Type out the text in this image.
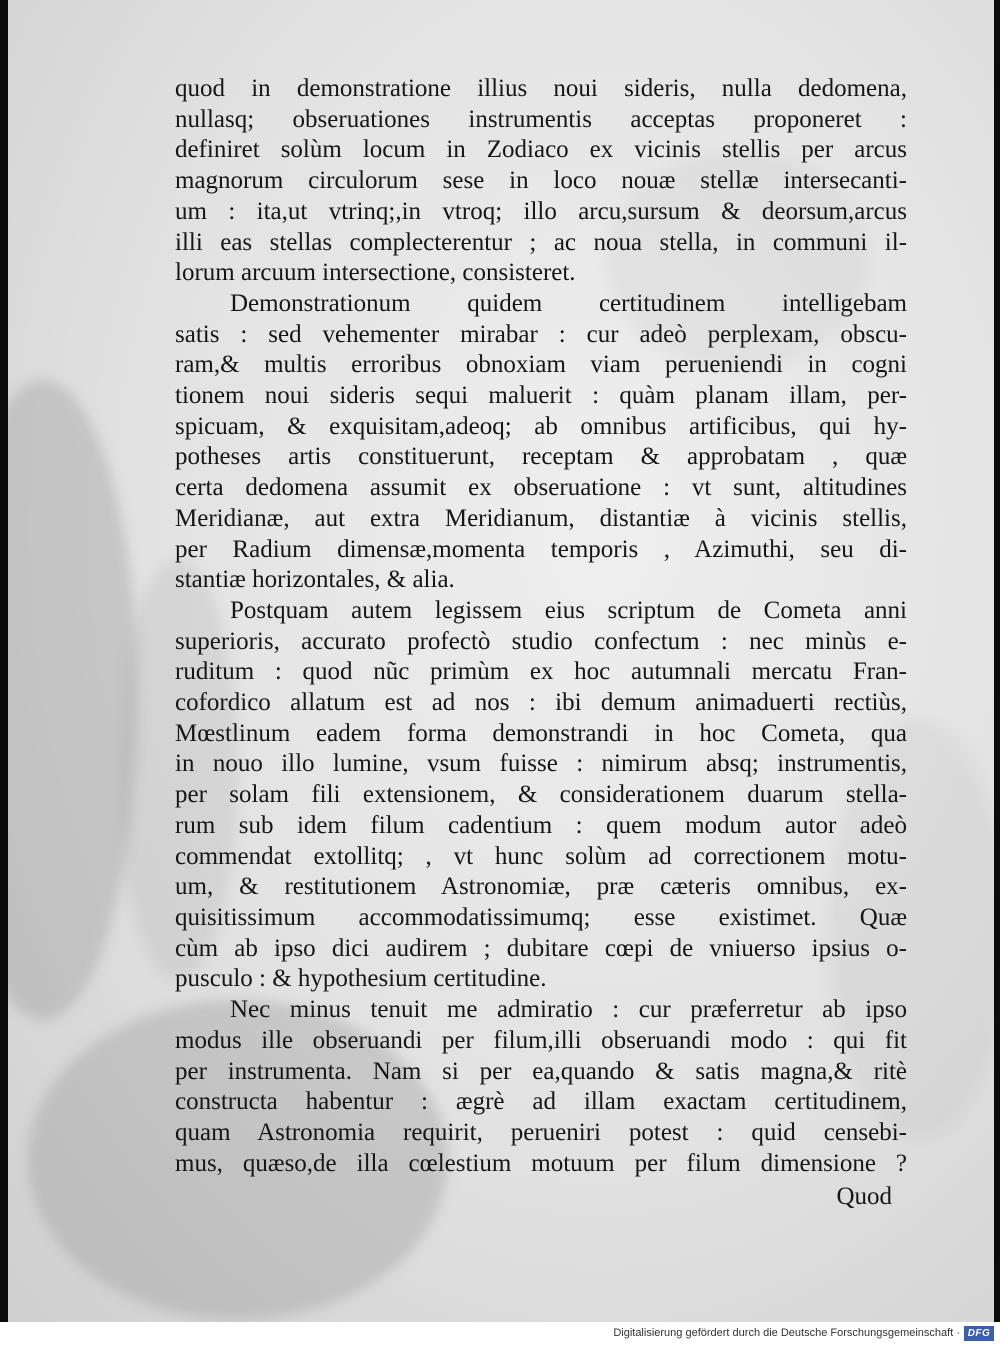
quod in demonstratione illius noui sideris, nulla dedomena,
nullasq; obseruationes instrumentis acceptas proponeret :
definiret solùm locum in Zodiaco ex vicinis stellis per arcus
magnorum circulorum sese in loco nouæ stellæ intersecanti-
um : ita,ut vtrinq;,in vtroq; illo arcu,sursum & deorsum,arcus
illi eas stellas complecterentur ; ac noua stella, in communi il-
lorum arcuum intersectione, consisteret.
Demonstrationum quidem certitudinem intelligebam
satis : sed vehementer mirabar : cur adeò perplexam, obscu-
ram,& multis erroribus obnoxiam viam perueniendi in cogni
tionem noui sideris sequi maluerit : quàm planam illam, per-
spicuam, & exquisitam,adeoq; ab omnibus artificibus, qui hy-
potheses artis constituerunt, receptam & approbatam , quæ
certa dedomena assumit ex obseruatione : vt sunt, altitudines
Meridianæ, aut extra Meridianum, distantiæ à vicinis stellis,
per Radium dimensæ,momenta temporis , Azimuthi, seu di-
stantiæ horizontales, & alia.
Postquam autem legissem eius scriptum de Cometa anni
superioris, accurato profectò studio confectum : nec minùs e-
ruditum : quod nũc primùm ex hoc autumnali mercatu Fran-
cofordico allatum est ad nos : ibi demum animaduerti rectiùs,
Mœstlinum eadem forma demonstrandi in hoc Cometa, qua
in nouo illo lumine, vsum fuisse : nimirum absq; instrumentis,
per solam fili extensionem, & considerationem duarum stella-
rum sub idem filum cadentium : quem modum autor adeò
commendat extollitq; , vt hunc solùm ad correctionem motu-
um, & restitutionem Astronomiæ, præ cæteris omnibus, ex-
quisitissimum accommodatissimumq; esse existimet. Quæ
cùm ab ipso dici audirem ; dubitare cœpi de vniuerso ipsius o-
pusculo : & hypothesium certitudine.
Nec minus tenuit me admiratio : cur præferretur ab ipso
modus ille obseruandi per filum,illi obseruandi modo : qui fit
per instrumenta. Nam si per ea,quando & satis magna,& ritè
constructa habentur : ægrè ad illam exactam certitudinem,
quam Astronomia requirit, perueniri potest : quid censebi-
mus, quæso,de illa cœlestium motuum per filum dimensione ?
Quod
Digitalisierung gefördert durch die Deutsche Forschungsgemeinschaft · DFG
